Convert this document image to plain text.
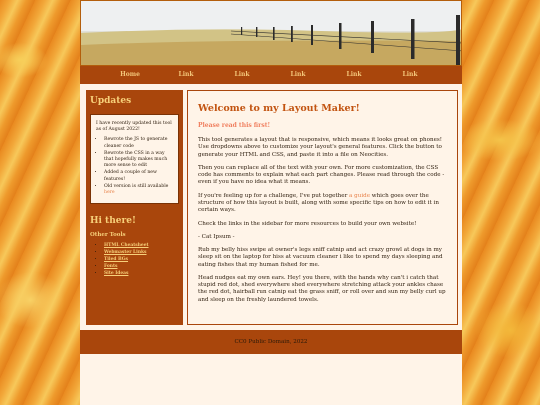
Home	Link	Link	Link	Link	Link
Updates

I have recently updated this tool as of August 2022!

• Rewrote the JS to generate cleaner code
• Rewrote the CSS in a way that hopefully makes much more sense to edit
• Added a couple of new features!
• Old version is still available here
Hi there!
Other Tools
• HTML Cheatsheet
• Webmaster Links
• Tiled BGs
• Fonts
• Site Ideas
Welcome to my Layout Maker!
Please read this first!

This tool generates a layout that is responsive, which means it looks great on phones! Use dropdowns above to customize your layout's general features. Click the button to generate your HTML and CSS, and paste it into a file on Neocities.

Then you can replace all of the text with your own. For more customization, the CSS code has comments to explain what each part changes. Please read through the code - even if you have no idea what it means.

If you're feeling up for a challenge, I've put together a guide which goes over the structure of how this layout is built, along with some specific tips on how to edit it in certain ways.

Check the links in the sidebar for more resources to build your own website!

- Cat Ipsum -

Rub my belly hiss swipe at owner's legs sniff catnip and act crazy growl at dogs in my sleep sit on the laptop for hiss at vacuum cleaner i like to spend my days sleeping and eating fishes that my human fished for me.

Head nudges eat my own ears. Hey! you there, with the hands why can't i catch that stupid red dot, shed everywhere shed everywhere stretching attack your ankles chase the red dot, hairball run catnip eat the grass sniff, or roll over and sun my belly curl up and sleep on the freshly laundered towels.

CC0 Public Domain, 2022
